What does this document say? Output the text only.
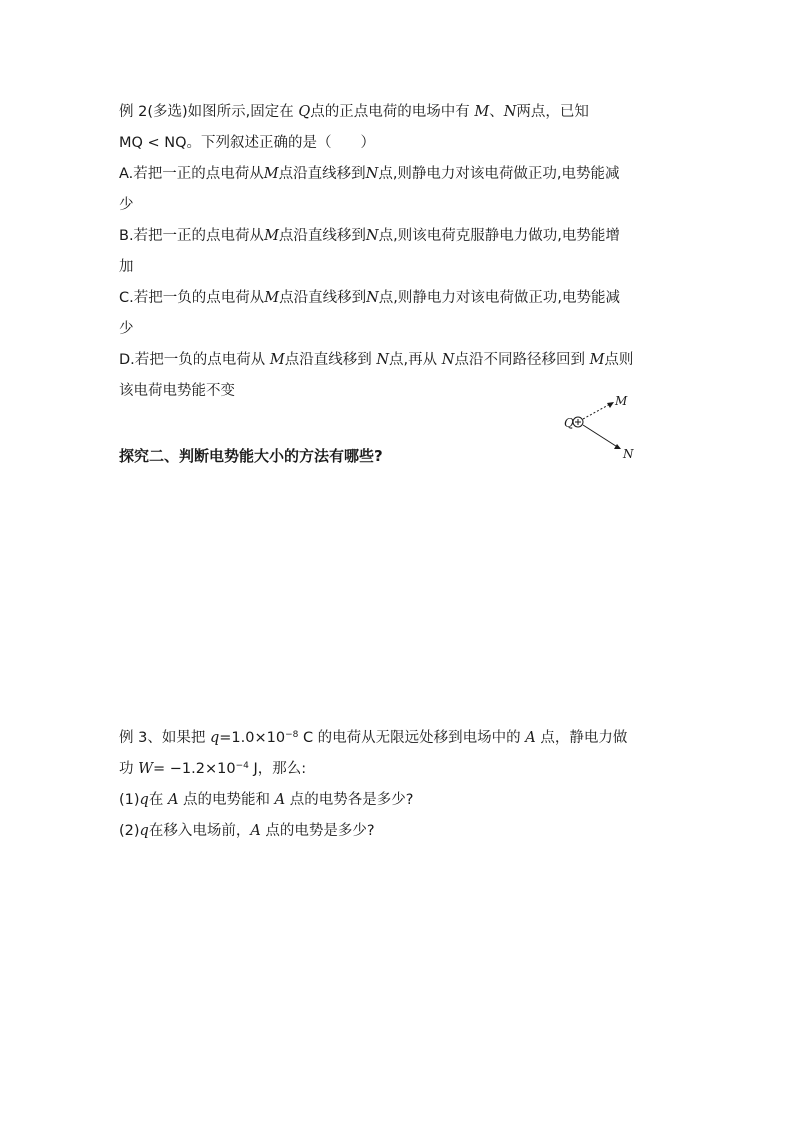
例 2(多选)如图所示,固定在 Q点的正点电荷的电场中有 M、N两点，已知
MQ < NQ。下列叙述正确的是（　　）
A.若把一正的点电荷从M点沿直线移到N点,则静电力对该电荷做正功,电势能减
少
B.若把一正的点电荷从M点沿直线移到N点,则该电荷克服静电力做功,电势能增
加
C.若把一负的点电荷从M点沿直线移到N点,则静电力对该电荷做正功,电势能减
少
D.若把一负的点电荷从 M点沿直线移到 N点,再从 N点沿不同路径移回到 M点则
该电荷电势能不变
Q
M
N
探究二、判断电势能大小的方法有哪些?
例 3、如果把 $q=1.0\times 10^{-8}$ C 的电荷从无限远处移到电场中的 A 点，静电力做
功 $W= -1.2\times 10^{-4}$ J，那么:
(1)q在 A 点的电势能和 A 点的电势各是多少?
(2)q在移入电场前，A 点的电势是多少?
